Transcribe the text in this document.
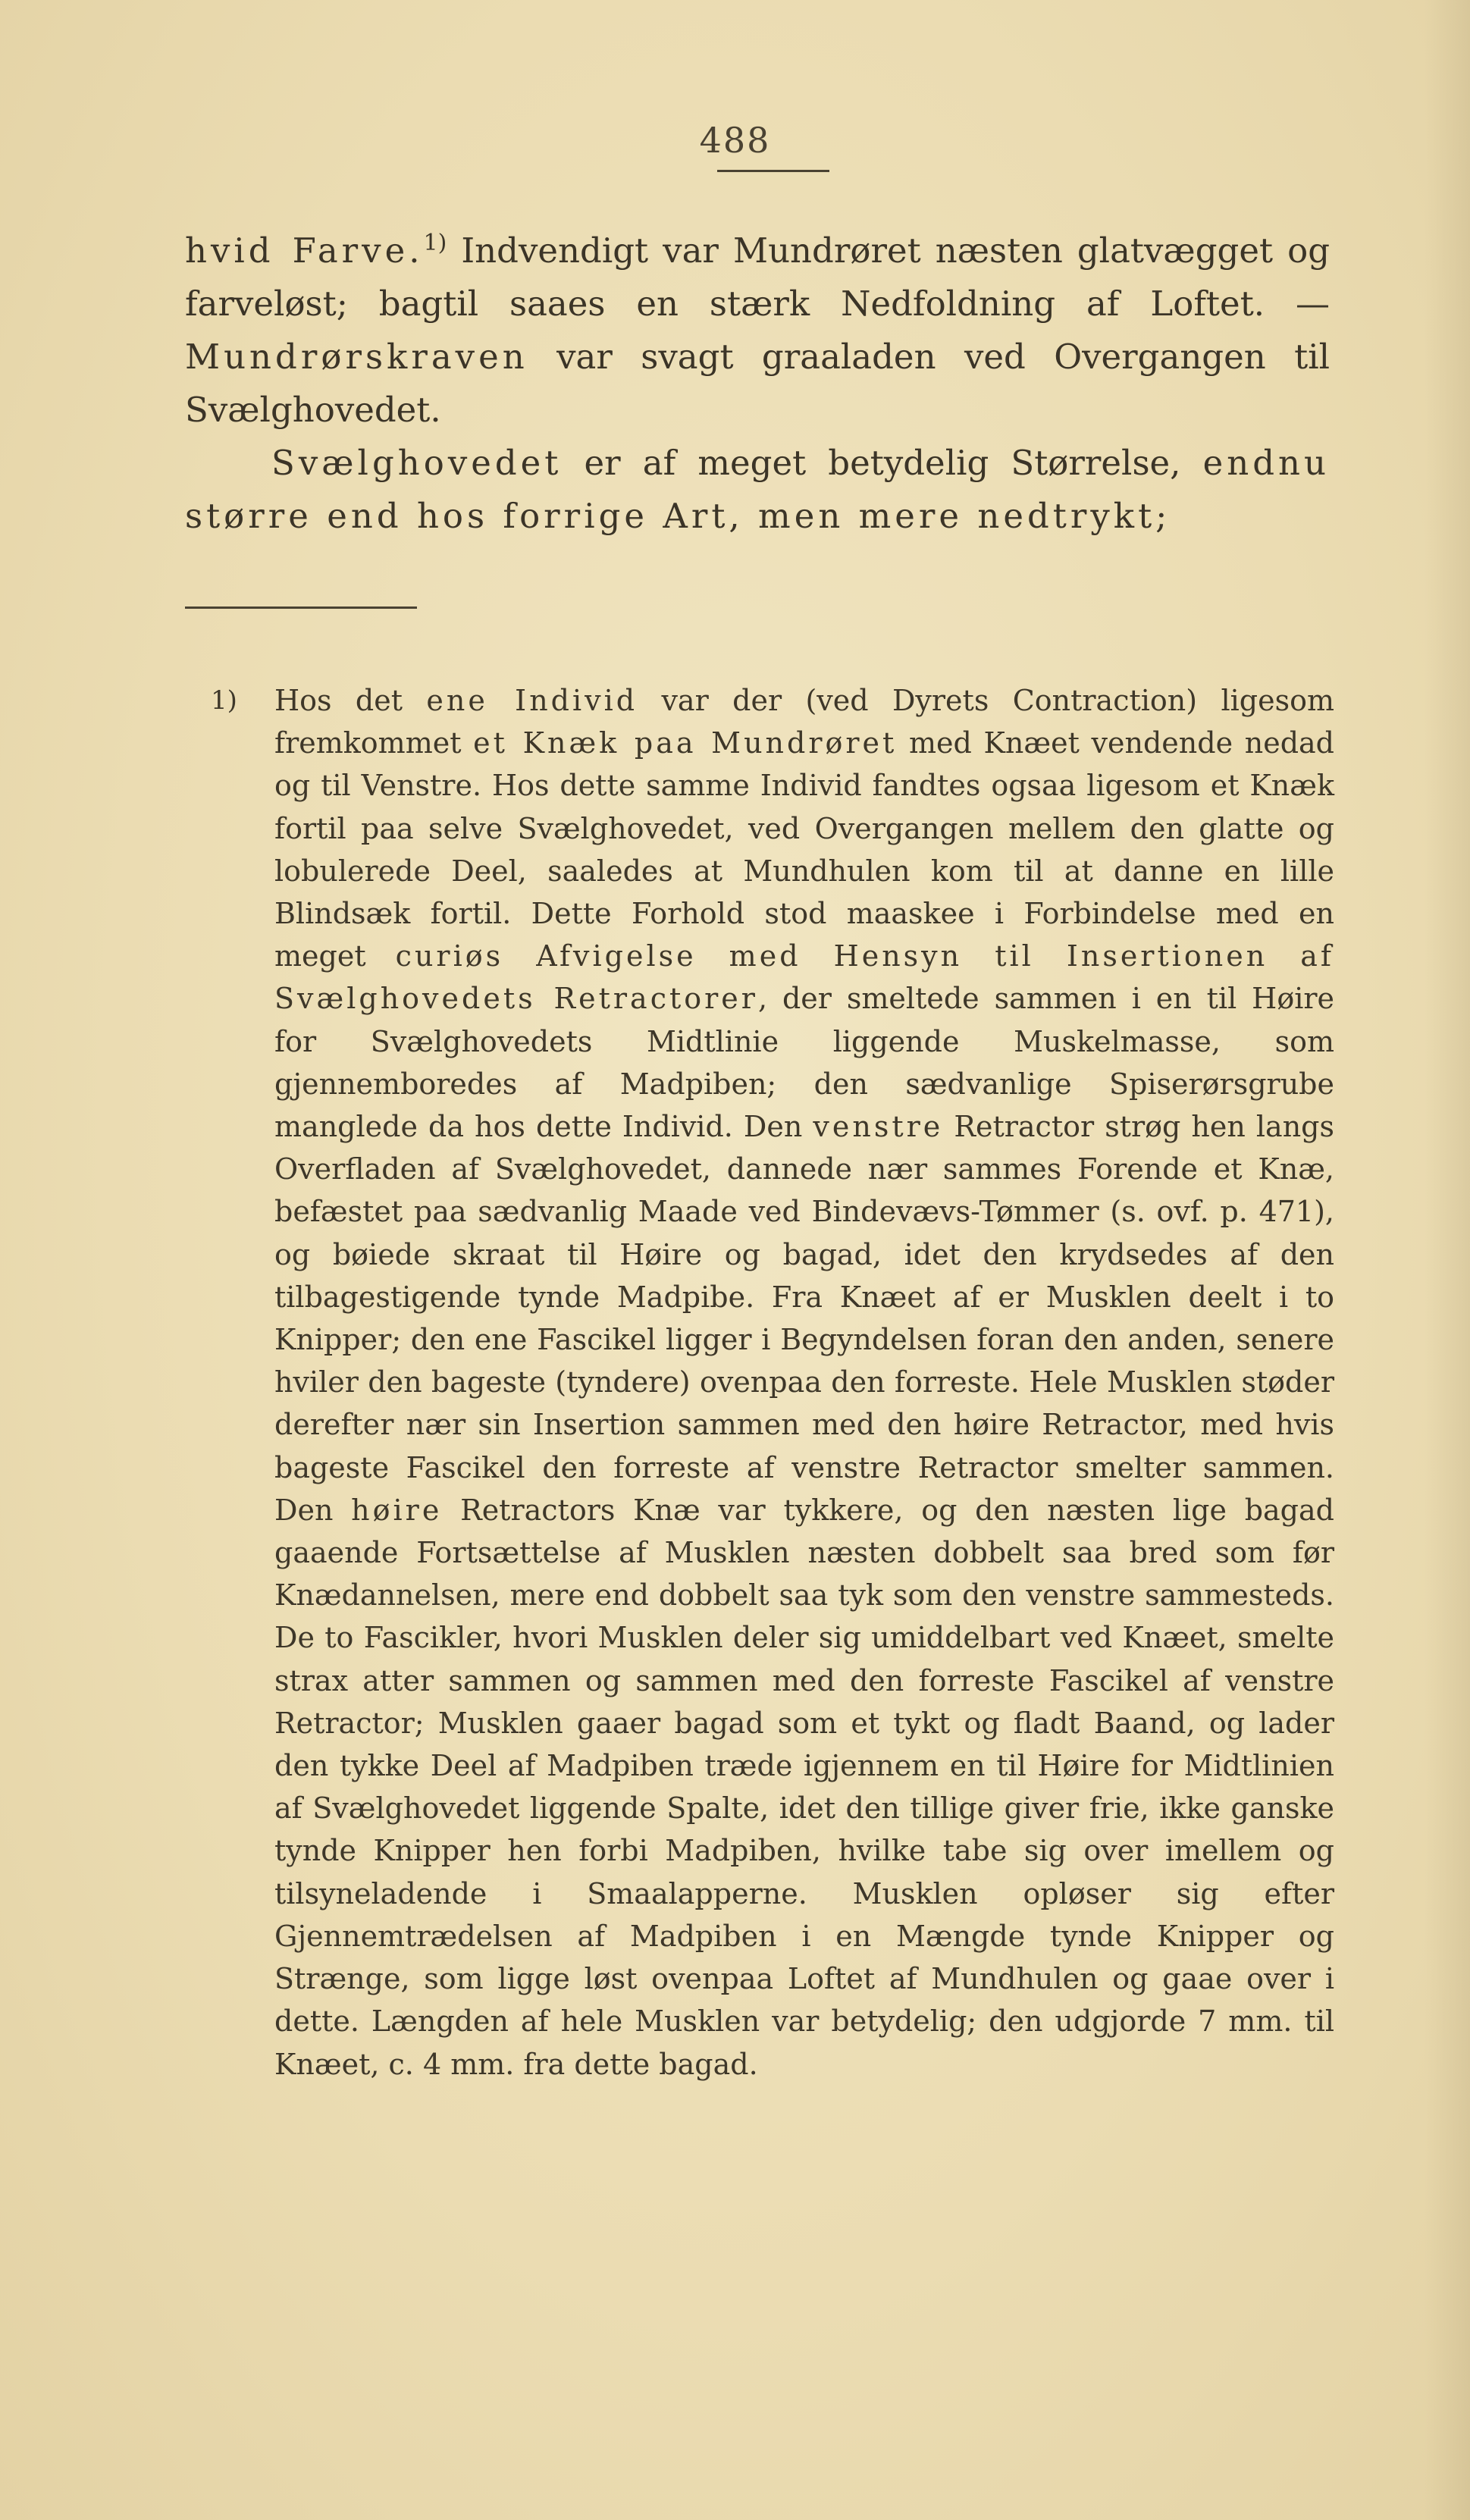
488

hvid Farve.$^{1)}$ Indvendigt var Mundrøret næsten glatvægget og farveløst; bagtil saaes en stærk Nedfoldning af Loftet. — Mundrørskraven var svagt graaladen ved Overgangen til Svælghovedet.

Svælghovedet er af meget betydelig Størrelse, endnu større end hos forrige Art, men mere nedtrykt;

1) Hos det ene Individ var der (ved Dyrets Contraction) ligesom fremkommet et Knæk paa Mundrøret med Knæet vendende nedad og til Venstre. Hos dette samme Individ fandtes ogsaa ligesom et Knæk fortil paa selve Svælghovedet, ved Overgangen mellem den glatte og lobulerede Deel, saaledes at Mundhulen kom til at danne en lille Blindsæk fortil. Dette Forhold stod maaskee i Forbindelse med en meget curiøs Afvigelse med Hensyn til Insertionen af Svælghovedets Retractorer, der smeltede sammen i en til Høire for Svælghovedets Midtlinie liggende Muskelmasse, som gjennemboredes af Madpiben; den sædvanlige Spiserørsgrube manglede da hos dette Individ. Den venstre Retractor strøg hen langs Overfladen af Svælghovedet, dannede nær sammes Forende et Knæ, befæstet paa sædvanlig Maade ved Bindevævs-Tømmer (s. ovf. p. 471), og bøiede skraat til Høire og bagad, idet den krydsedes af den tilbagestigende tynde Madpibe. Fra Knæet af er Musklen deelt i to Knipper; den ene Fascikel ligger i Begyndelsen foran den anden, senere hviler den bageste (tyndere) ovenpaa den forreste. Hele Musklen støder derefter nær sin Insertion sammen med den høire Retractor, med hvis bageste Fascikel den forreste af venstre Retractor smelter sammen. Den høire Retractors Knæ var tykkere, og den næsten lige bagad gaaende Fortsættelse af Musklen næsten dobbelt saa bred som før Knædannelsen, mere end dobbelt saa tyk som den venstre sammesteds. De to Fascikler, hvori Musklen deler sig umiddelbart ved Knæet, smelte strax atter sammen og sammen med den forreste Fascikel af venstre Retractor; Musklen gaaer bagad som et tykt og fladt Baand, og lader den tykke Deel af Madpiben træde igjennem en til Høire for Midtlinien af Svælghovedet liggende Spalte, idet den tillige giver frie, ikke ganske tynde Knipper hen forbi Madpiben, hvilke tabe sig over imellem og tilsyneladende i Smaalapperne. Musklen opløser sig efter Gjennemtrædelsen af Madpiben i en Mængde tynde Knipper og Strænge, som ligge løst ovenpaa Loftet af Mundhulen og gaae over i dette. Længden af hele Musklen var betydelig; den udgjorde 7 mm. til Knæet, c. 4 mm. fra dette bagad.
